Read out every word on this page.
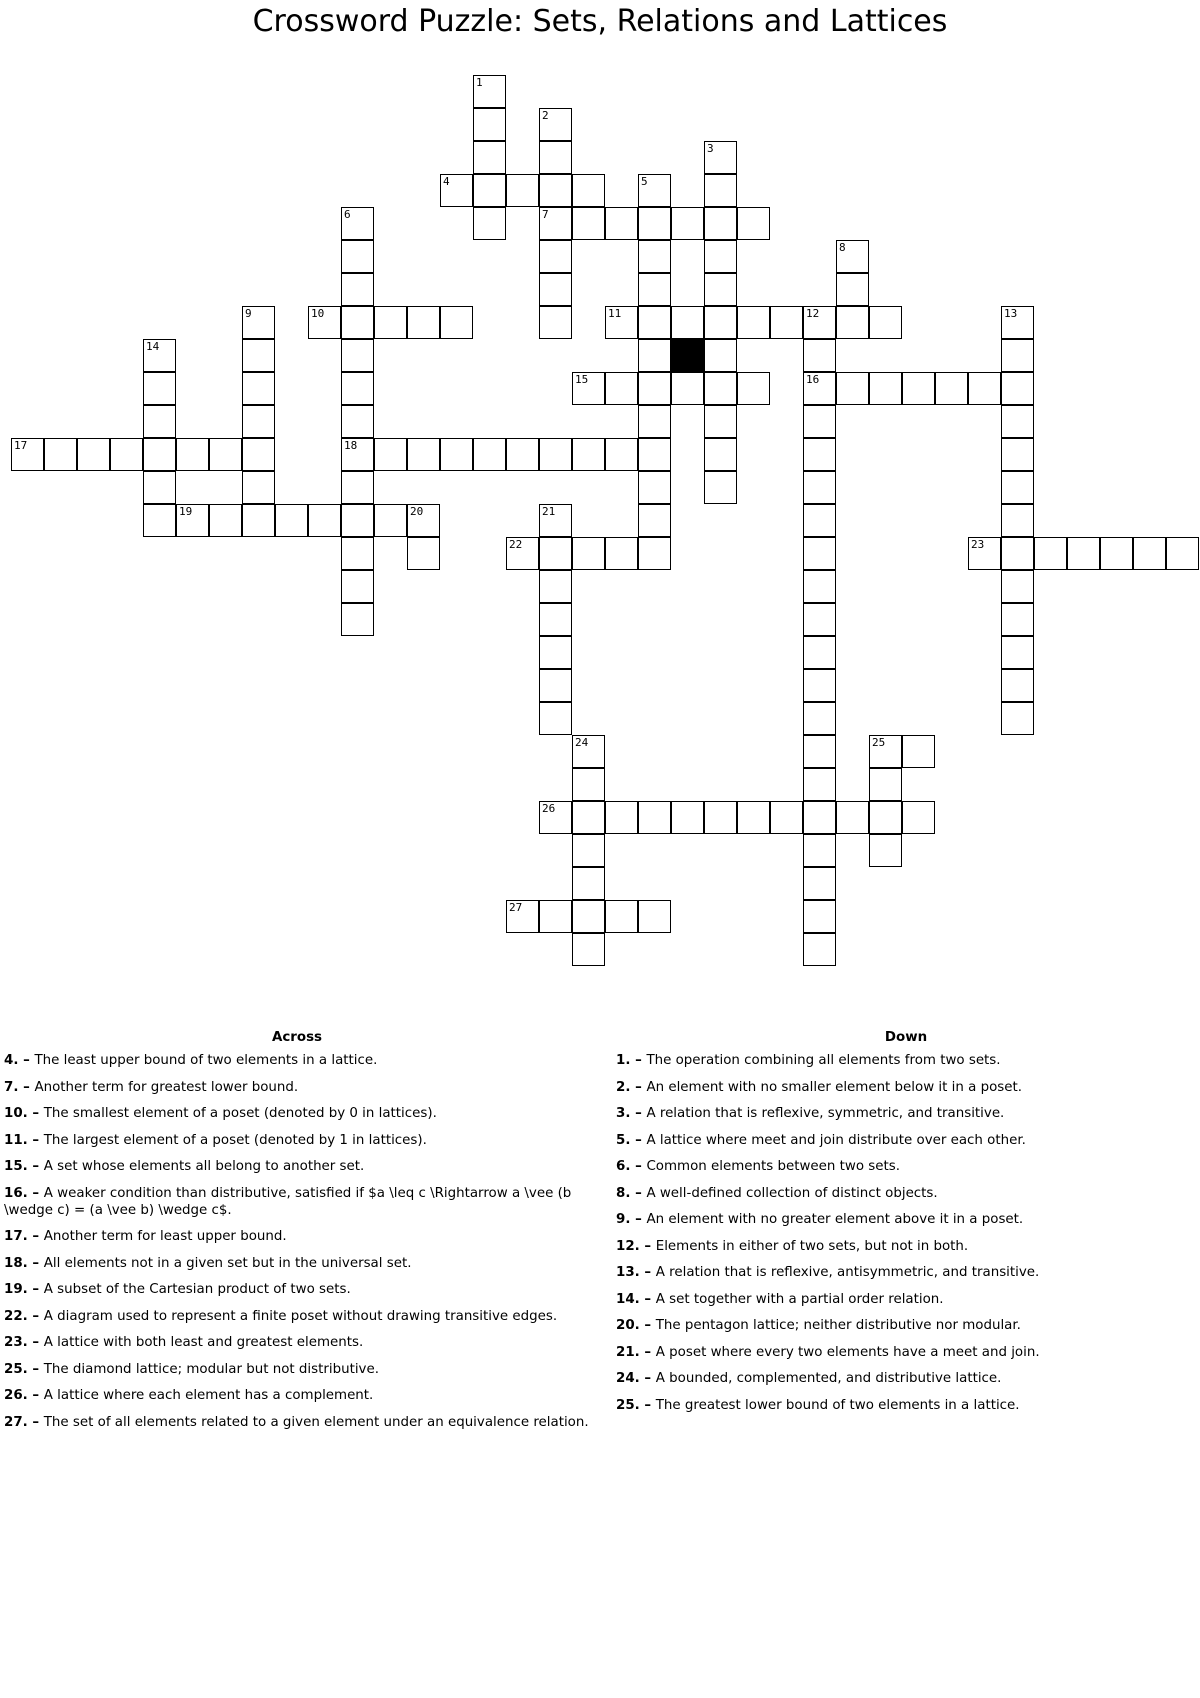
Crossword Puzzle: Sets, Relations and Lattices
1
2
7
3
4	5
6
18
8
9	10	11	12
16
13
14
15
17
19	20	21
22	23
24	25
26
27
Across
4. – The least upper bound of two elements in a lattice.
7. – Another term for greatest lower bound.
10. – The smallest element of a poset (denoted by 0 in lattices).
11. – The largest element of a poset (denoted by 1 in lattices).
15. – A set whose elements all belong to another set.
16. – A weaker condition than distributive, satisfied if $a \leq c \Rightarrow a \vee (b \wedge c) = (a \vee b) \wedge c$.
17. – Another term for least upper bound.
18. – All elements not in a given set but in the universal set.
19. – A subset of the Cartesian product of two sets.
22. – A diagram used to represent a finite poset without drawing transitive edges.
23. – A lattice with both least and greatest elements.
25. – The diamond lattice; modular but not distributive.
26. – A lattice where each element has a complement.
27. – The set of all elements related to a given element under an equivalence relation.
Down
1. – The operation combining all elements from two sets.
2. – An element with no smaller element below it in a poset.
3. – A relation that is reflexive, symmetric, and transitive.
5. – A lattice where meet and join distribute over each other.
6. – Common elements between two sets.
8. – A well-defined collection of distinct objects.
9. – An element with no greater element above it in a poset.
12. – Elements in either of two sets, but not in both.
13. – A relation that is reflexive, antisymmetric, and transitive.
14. – A set together with a partial order relation.
20. – The pentagon lattice; neither distributive nor modular.
21. – A poset where every two elements have a meet and join.
24. – A bounded, complemented, and distributive lattice.
25. – The greatest lower bound of two elements in a lattice.
